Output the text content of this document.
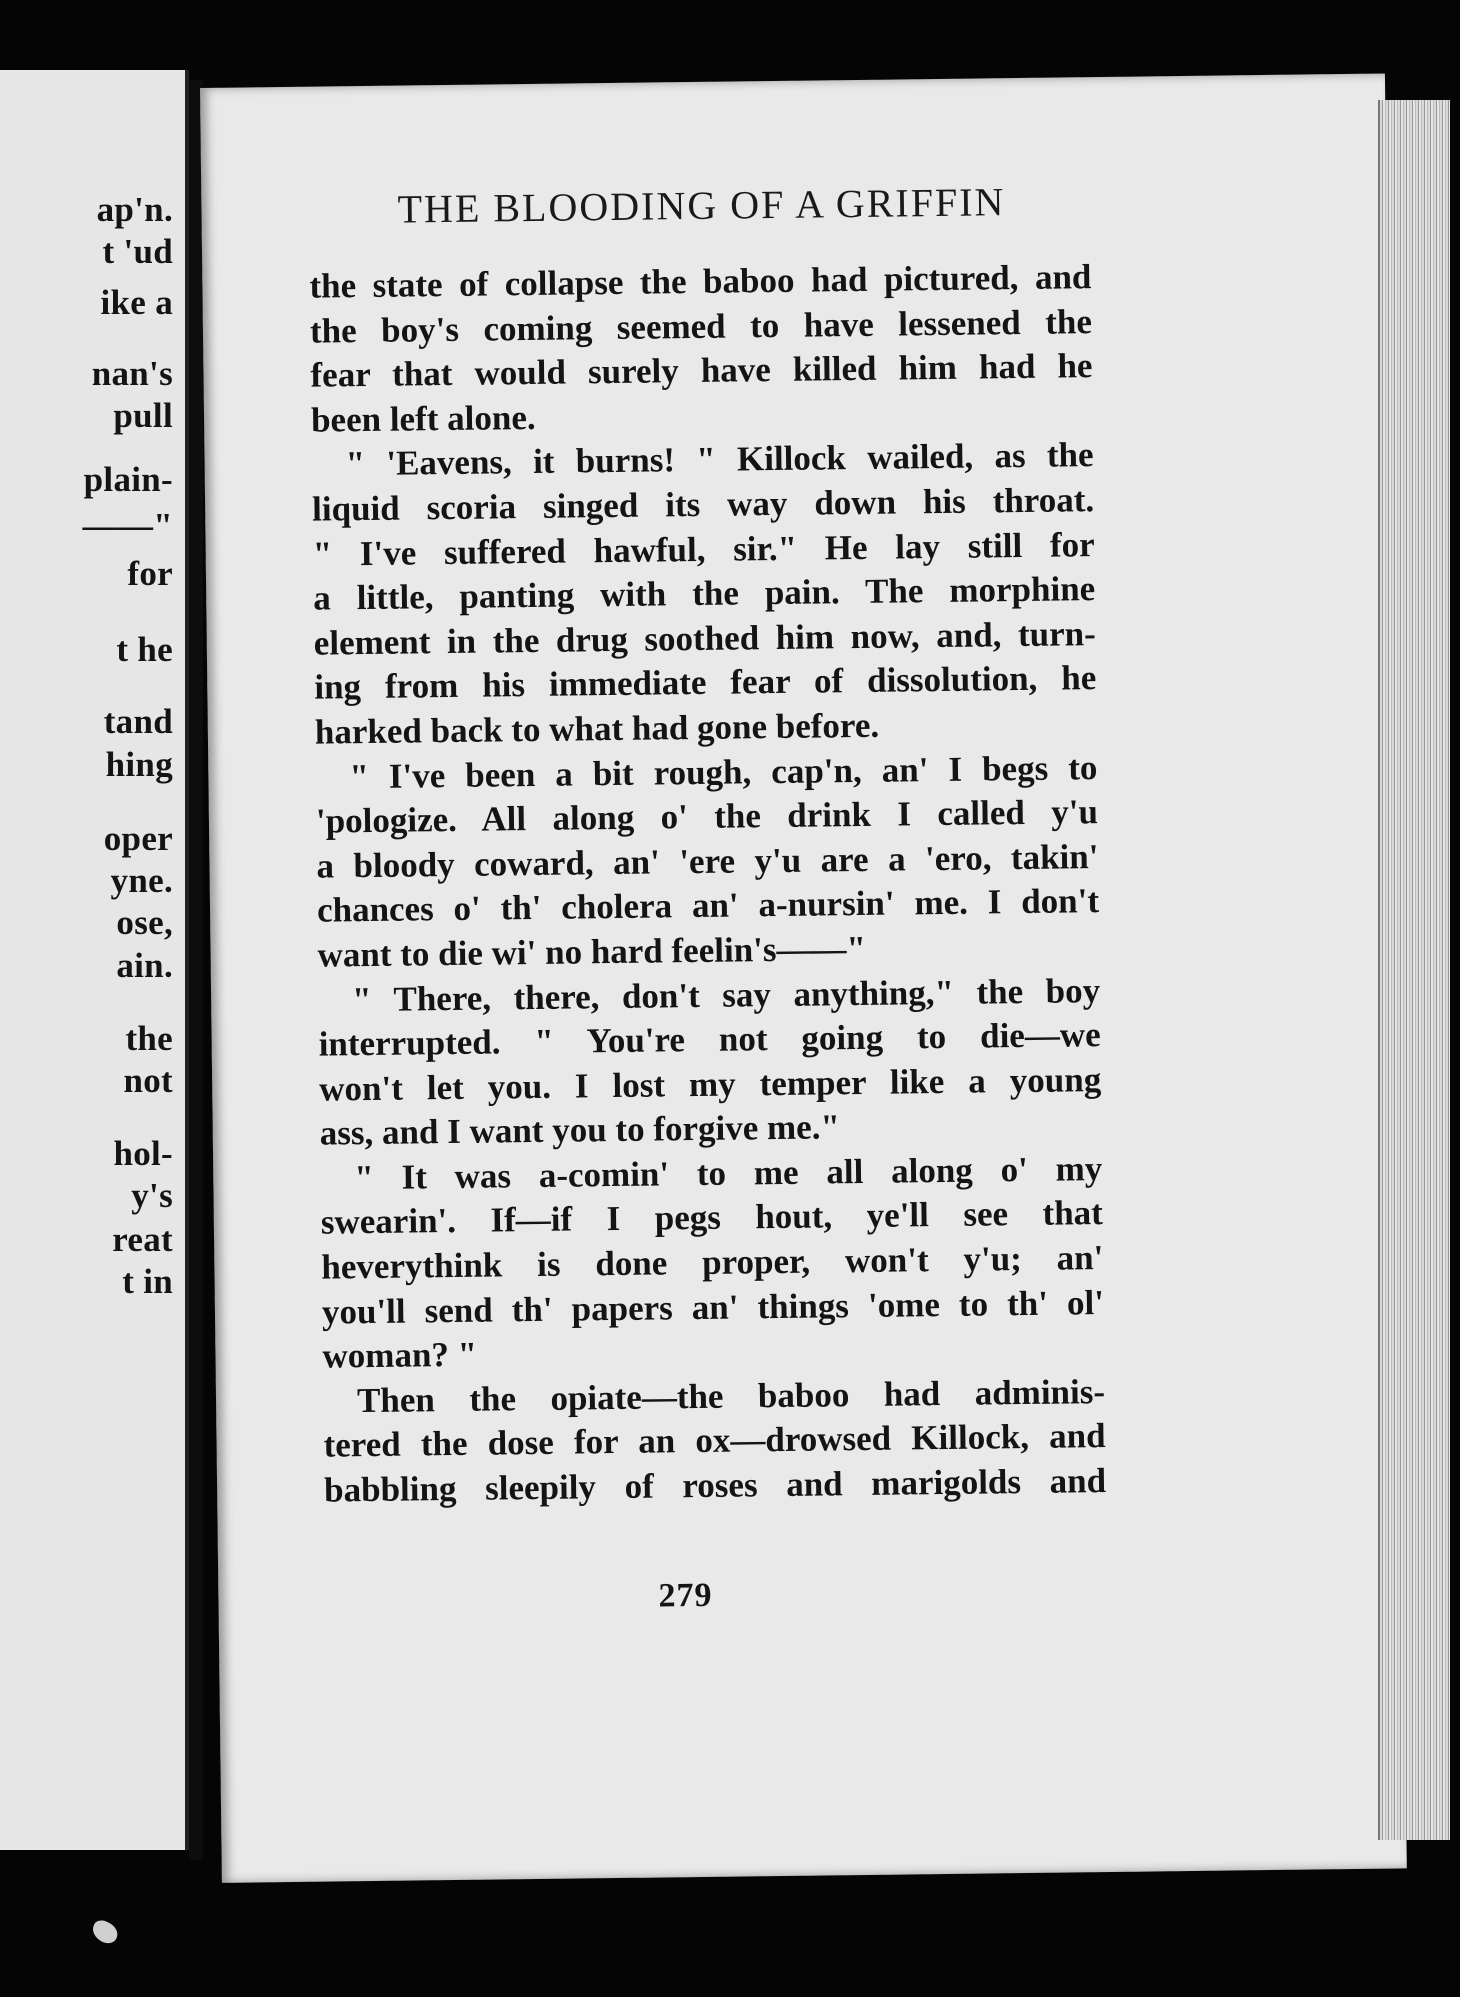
ap'n.
t 'ud
ike a
nan's
pull
plain-
——"
for
t he
tand
hing
oper
yne.
ose,
ain.
the
not
hol-
y's
reat
t in
THE BLOODING OF A GRIFFIN
the state of collapse the baboo had pictured, and
the boy's coming seemed to have lessened the
fear that would surely have killed him had he
been left alone.
" 'Eavens, it burns! " Killock wailed, as the
liquid scoria singed its way down his throat.
" I've suffered hawful, sir." He lay still for
a little, panting with the pain. The morphine
element in the drug soothed him now, and, turn-
ing from his immediate fear of dissolution, he
harked back to what had gone before.
" I've been a bit rough, cap'n, an' I begs to
'pologize. All along o' the drink I called y'u
a bloody coward, an' 'ere y'u are a 'ero, takin'
chances o' th' cholera an' a-nursin' me. I don't
want to die wi' no hard feelin's——"
" There, there, don't say anything," the boy
interrupted. " You're not going to die—we
won't let you. I lost my temper like a young
ass, and I want you to forgive me."
" It was a-comin' to me all along o' my
swearin'. If—if I pegs hout, ye'll see that
heverythink is done proper, won't y'u; an'
you'll send th' papers an' things 'ome to th' ol'
woman? "
Then the opiate—the baboo had adminis-
tered the dose for an ox—drowsed Killock, and
babbling sleepily of roses and marigolds and
279
